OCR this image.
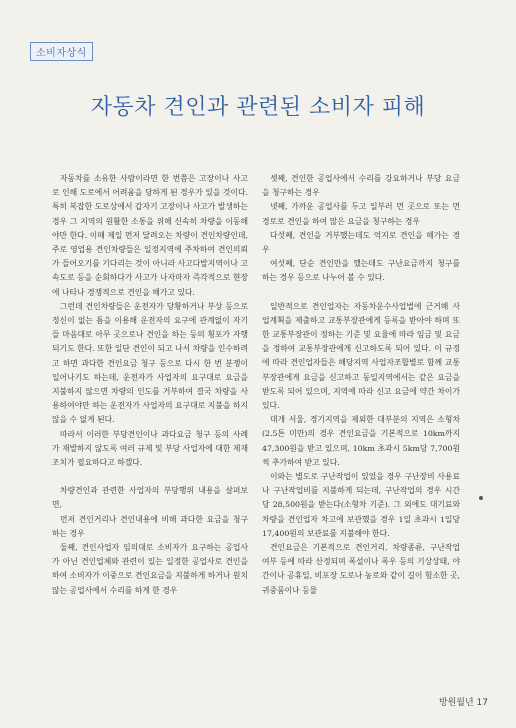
소비자상식
자동차 견인과 관련된 소비자 피해

자동차를 소유한 사람이라면 한 번쯤은 고장이나 사고로 인해 도로에서 어려움을 당하게 된 경우가 있을 것이다. 특히 복잡한 도로상에서 갑자기 고장이나 사고가 발생하는 경우 그 지역의 원활한 소통을 위해 신속히 차량을 이동해야만 한다. 이때 제일 먼저 달려오는 차량이 견인차량인데, 주로 영업용 견인차량들은 일정지역에 주차하여 견인의뢰가 들어오기를 기다리는 것이 아니라 사고다발지역이나 고속도로 등을 순회하다가 사고가 나자마자 즉각적으로 현장에 나타나 경쟁적으로 견인을 해가고 있다.

그런데 견인차량들은 운전자가 당황하거나 부상 등으로 정신이 없는 틈을 이용해 운전자의 요구에 관계없이 자기들 마음대로 아무 곳으로나 견인을 하는 등의 횡포가 자행되기도 한다. 또한 일단 견인이 되고 나서 차량을 인수하려고 하면 과다한 견인요금 청구 등으로 다시 한 번 분쟁이 일어나기도 하는데, 운전자가 사업자의 요구대로 요금을 지불하지 않으면 차량의 인도를 거부하여 결국 차량을 사용하여야만 하는 운전자가 사업자의 요구대로 지불을 하지 않을 수 없게 된다.

따라서 이러한 부당견인이나 과다요금 청구 등의 사례가 재발하지 않도록 여러 규제 및 부당 사업자에 대한 제재조치가 필요하다고 하겠다.

차량견인과 관련한 사업자의 부당행위 내용을 살펴보면,

먼저 견인거리나 견인내용에 비해 과다한 요금을 청구하는 경우

둘째, 견인사업자 임의대로 소비자가 요구하는 공업사가 아닌 견인업체와 관련이 있는 일정한 공업사로 견인을 하여 소비자가 이중으로 견인요금을 지불하게 하거나 원치않는 공업사에서 수리를 하게 한 경우

셋째, 견인한 공업사에서 수리를 강요하거나 부당 요금을 청구하는 경우

넷째, 가까운 공업사를 두고 일부러 먼 곳으로 또는 먼 경로로 견인을 하여 많은 요금을 청구하는 경우

다섯째, 견인을 거부했는데도 억지로 견인을 해가는 경우

여섯째, 단순 견인만을 했는데도 구난요금까지 청구를 하는 경우 등으로 나누어 볼 수 있다.

일반적으로 견인업자는 자동차운수사업법에 근거해 사업계획을 제출하고 교통부장관에게 등록을 받아야 하며 또한 교통부장관이 정하는 기준 및 요율에 따라 임금 및 요금을 정하여 교통부장관에게 신고하도록 되어 있다. 이 규정에 따라 견인업자들은 해당지역 사업자조합별로 함께 교통부장관에게 요금을 신고하고 동일지역에서는 같은 요금을 받도록 되어 있으며, 지역에 따라 신고 요금에 약간 차이가 있다.

대개 서울, 경기지역을 제외한 대부분의 지역은 소형차(2.5톤 미만)의 경우 견인요금을 기본적으로 10km까지 47,300원을 받고 있으며, 10km 초과시 5km당 7,700원씩 추가하여 받고 있다.

이와는 별도로 구난작업이 있었을 경우 구난장비 사용료나 구난작업비를 지불하게 되는데, 구난작업의 경우 시간당 28,500원을 받는다(소형차 기준). 그 외에도 대기료와 차량을 견인업자 차고에 보관했을 경우 1일 초과시 1일당 17,400원의 보관료를 지불해야 한다.

견인요금은 기본적으로 견인거리, 차량종류, 구난작업 여부 등에 따라 산정되며 폭설이나 폭우 등의 기상상태, 야간이나 공휴일, 비포장 도로나 농로와 같이 길이 험소한 곳, 귀중품이나 등물

방원월년 17
